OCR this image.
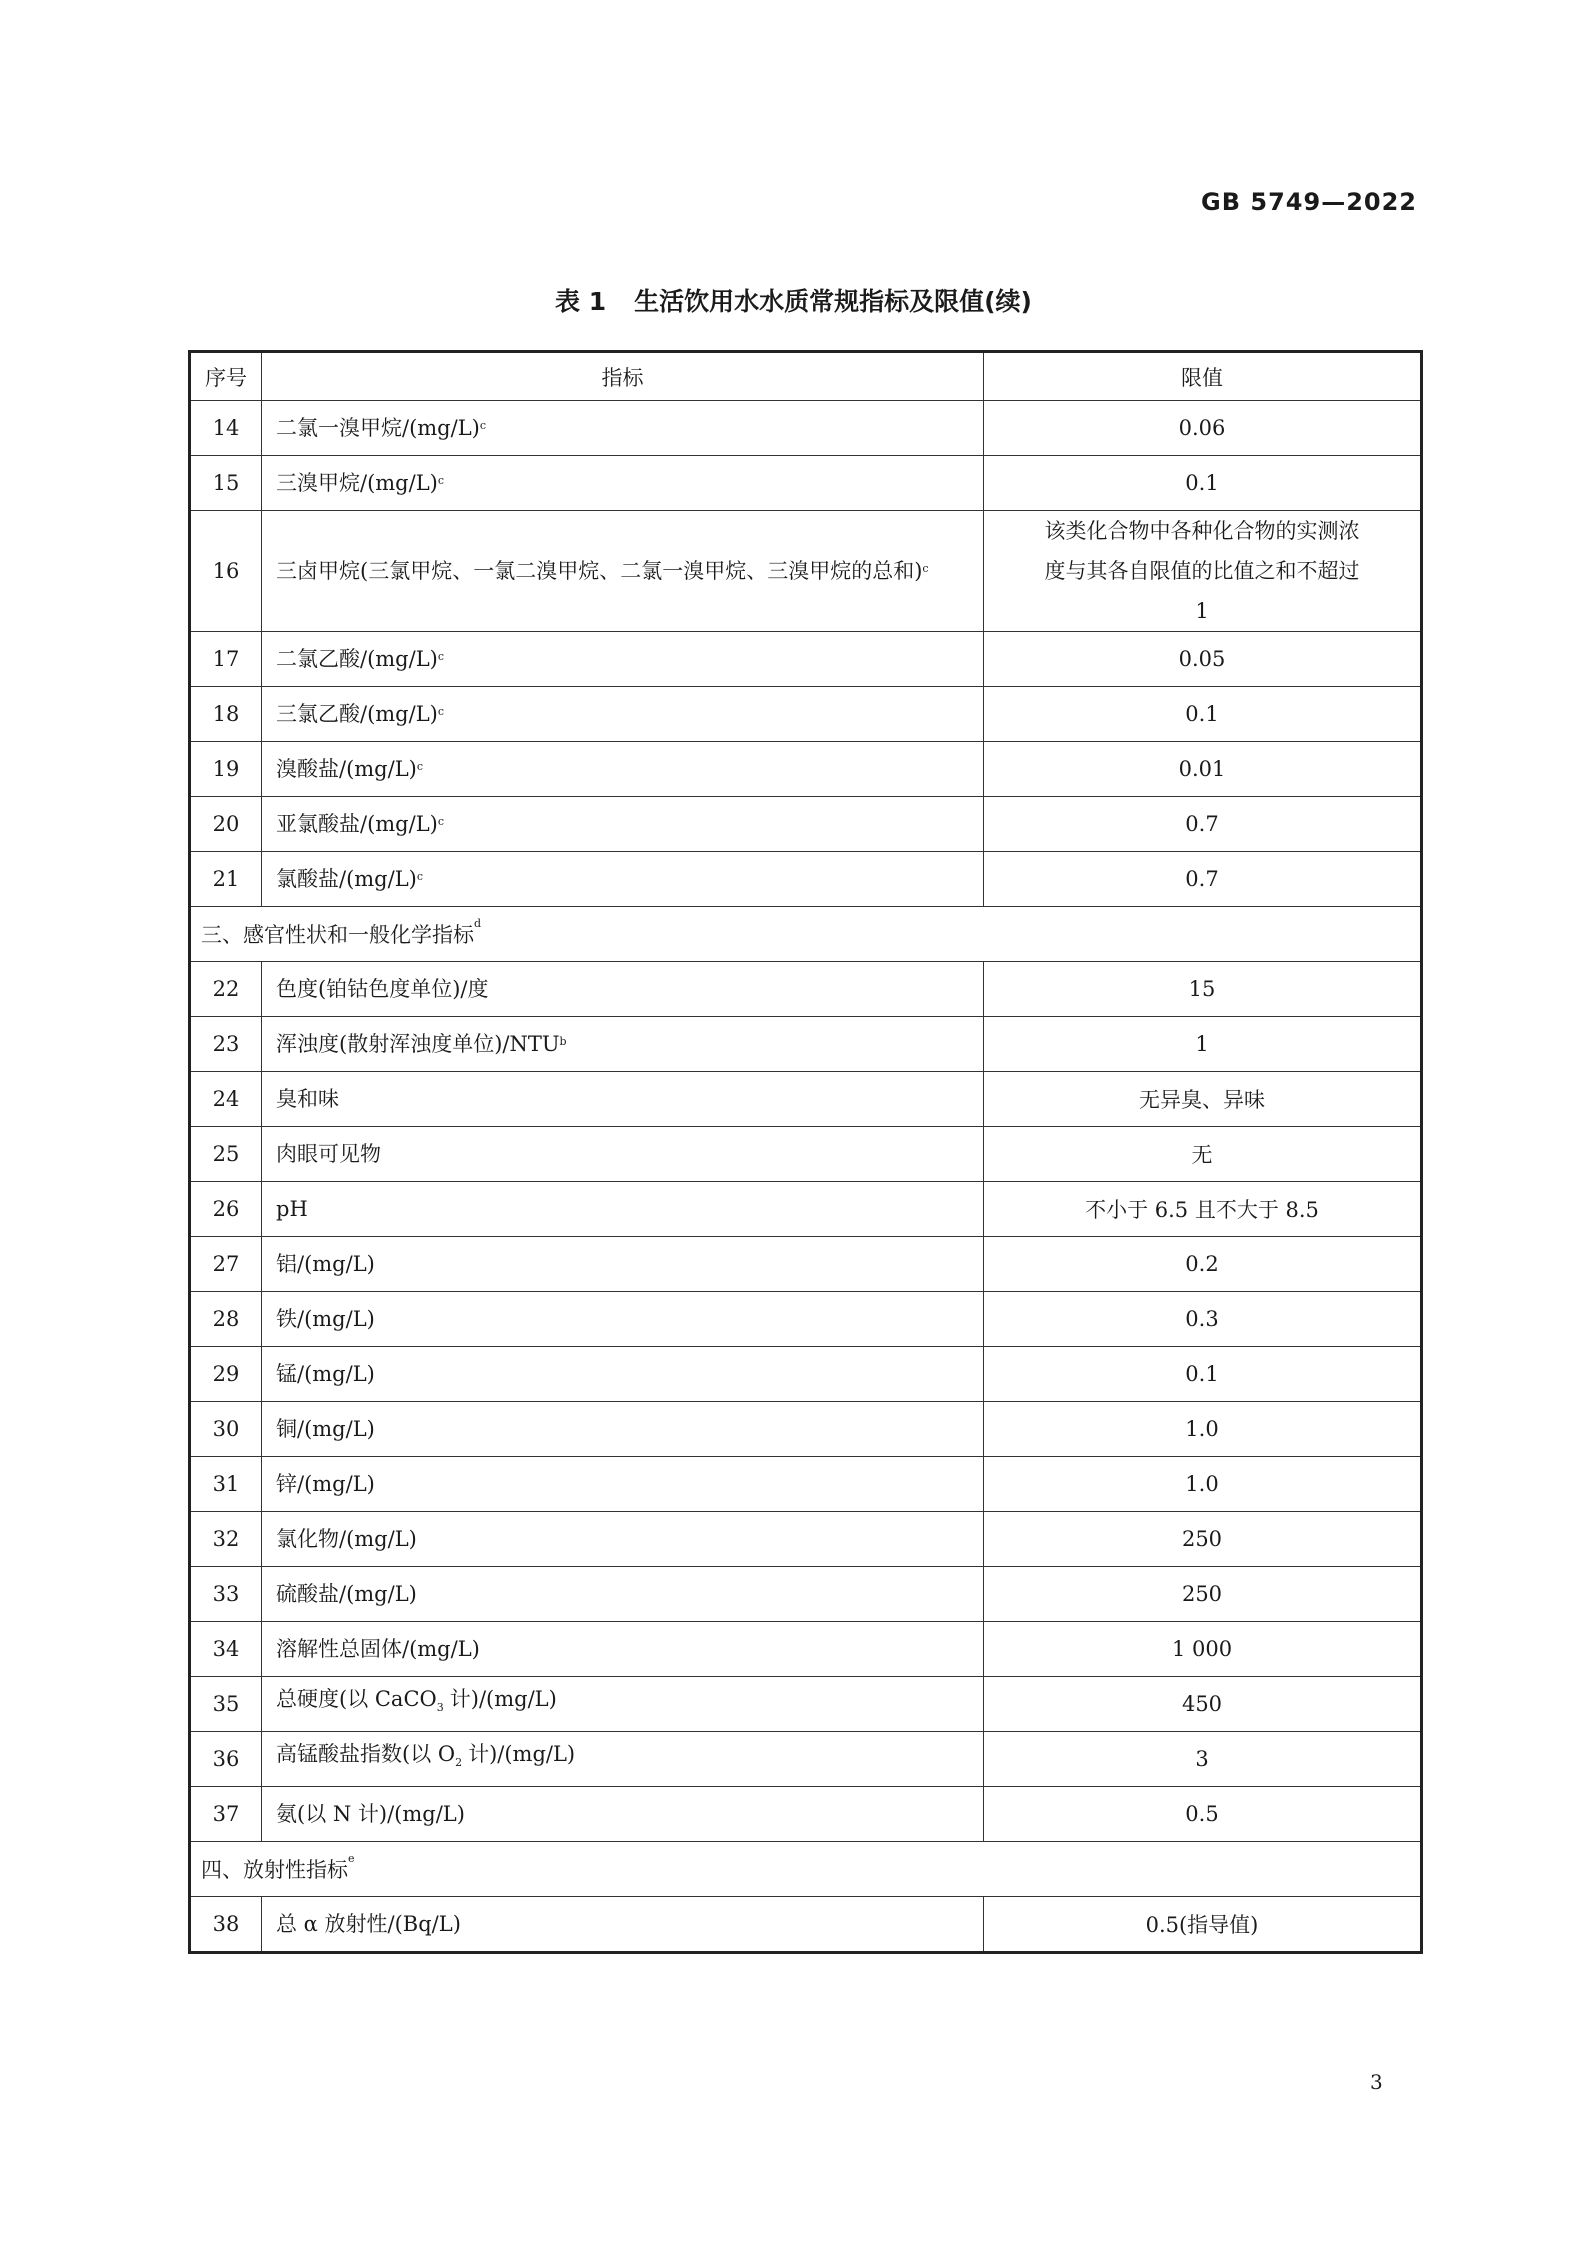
GB 5749—2022
表 1 生活饮用水水质常规指标及限值(续)
序号	指标	限值
14	二氯一溴甲烷$/(mg/L)^c$	0.06
15	三溴甲烷$/(mg/L)^c$	0.1
16	三卤甲烷(三氯甲烷、一氯二溴甲烷、二氯一溴甲烷、三溴甲烷的总和)$^c$	该类化合物中各种化合物的实测浓度与其各自限值的比值之和不超过 1
17	二氯乙酸$/(mg/L)^c$	0.05
18	三氯乙酸$/(mg/L)^c$	0.1
19	溴酸盐$/(mg/L)^c$	0.01
20	亚氯酸盐$/(mg/L)^c$	0.7
21	氯酸盐$/(mg/L)^c$	0.7
三、感官性状和一般化学指标$^d$
22	色度(铂钴色度单位)/度	15
23	浑浊度(散射浑浊度单位)/NTU$^b$	1
24	臭和味	无异臭、异味
25	肉眼可见物	无
26	pH	不小于 6.5 且不大于 8.5
27	铝/(mg/L)	0.2
28	铁/(mg/L)	0.3
29	锰/(mg/L)	0.1
30	铜/(mg/L)	1.0
31	锌/(mg/L)	1.0
32	氯化物/(mg/L)	250
33	硫酸盐/(mg/L)	250
34	溶解性总固体/(mg/L)	1 000
35	总硬度(以 CaCO$_3$ 计)/(mg/L)	450
36	高锰酸盐指数(以 $O_2$ 计)/(mg/L)	3
37	氨(以 N 计)/(mg/L)	0.5
四、放射性指标$^e$
38	总 α 放射性/(Bq/L)	0.5(指导值)
3
